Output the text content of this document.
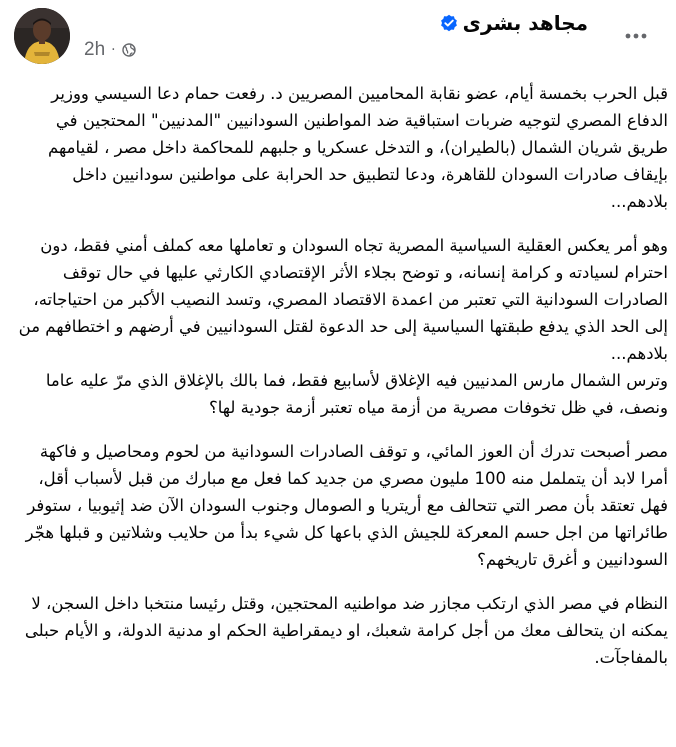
مجاهد بشرى
2h ·

قبل الحرب بخمسة أيام، عضو نقابة المحاميين المصريين د. رفعت حمام دعا السيسي ووزير الدفاع المصري لتوجيه ضربات استباقية ضد المواطنين السودانيين "المدنيين" المحتجين في طريق شريان الشمال (بالطيران)، و التدخل عسكريا و جلبهم للمحاكمة داخل مصر ، لقيامهم بإيقاف صادرات السودان للقاهرة، ودعا لتطبيق حد الحرابة على مواطنين سودانيين داخل بلادهم...

وهو أمر يعكس العقلية السياسية المصرية تجاه السودان و تعاملها معه كملف أمني فقط، دون احترام لسيادته و كرامة إنسانه، و توضح بجلاء الأثر الإقتصادي الكارثي عليها في حال توقف الصادرات السودانية التي تعتبر من اعمدة الاقتصاد المصري، وتسد النصيب الأكبر من احتياجاته، إلى الحد الذي يدفع طبقتها السياسية إلى حد الدعوة لقتل السودانيين في أرضهم و اختطافهم من بلادهم...
وترس الشمال مارس المدنيين فيه الإغلاق لأسابيع فقط، فما بالك بالإغلاق الذي مرّ عليه عاما ونصف، في ظل تخوفات مصرية من أزمة مياه تعتبر أزمة جودية لها؟

مصر أصبحت تدرك أن العوز المائي، و توقف الصادرات السودانية من لحوم ومحاصيل و فاكهة أمرا لابد أن يتململ منه 100 مليون مصري من جديد كما فعل مع مبارك من قبل لأسباب أقل، فهل تعتقد بأن مصر التي تتحالف مع أريتريا و الصومال وجنوب السودان الآن ضد إثيوبيا ، ستوفر طائراتها من اجل حسم المعركة للجيش الذي باعها كل شيء بدأ من حلايب وشلاتين و قبلها هجّر السودانيين و أغرق تاريخهم؟

النظام في مصر الذي ارتكب مجازر ضد مواطنيه المحتجين، وقتل رئيسا منتخبا داخل السجن، لا يمكنه ان يتحالف معك من أجل كرامة شعبك، او ديمقراطية الحكم او مدنية الدولة، و الأيام حبلى بالمفاجآت.
